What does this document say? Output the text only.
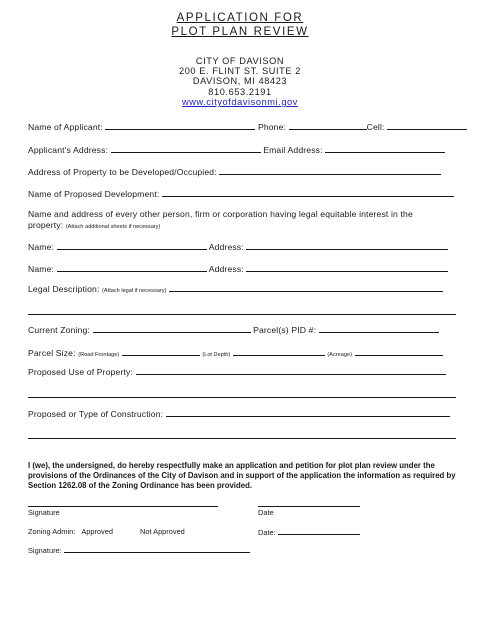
APPLICATION FOR
PLOT PLAN REVIEW
CITY OF DAVISON
200 E. FLINT ST. SUITE 2
DAVISON, MI 48423
810.653.2191
www.cityofdavisonmi.gov
Name of Applicant:	Phone:	Cell:
Applicant's Address:	Email Address:
Address of Property to be Developed/Occupied:
Name of Proposed Development:
Name and address of every other person, firm or corporation having legal equitable interest in the
property: (Attach additional sheets if necessary)
Name:	Address:
Name:	Address:
Legal Description: (Attach legal if necessary)
Current Zoning:	Parcel(s) PID #:
Parcel Size: (Road Frontage)	(Lot Depth)	(Acreage)
Proposed Use of Property:
Proposed or Type of Construction:
I (we), the undersigned, do hereby respectfully make an application and petition for plot plan review under the provisions of the Ordinances of the City of Davison and in support of the application the information as required by Section 1262.08 of the Zoning Ordinance has been provided.
Signature	Date
Zoning Admin: Approved	Not Approved	Date:
Signature:
